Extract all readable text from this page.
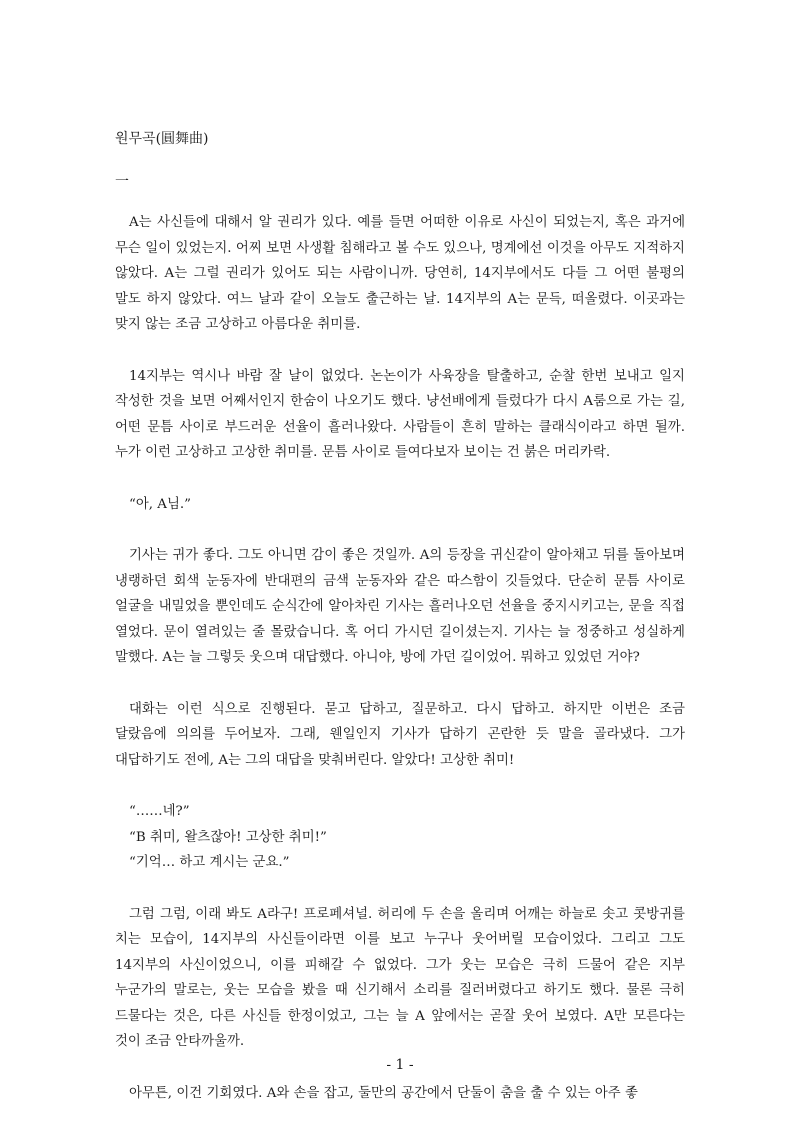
원무곡(圓舞曲)
一

A는 사신들에 대해서 알 권리가 있다. 예를 들면 어떠한 이유로 사신이 되었는지, 혹은 과거에 무슨 일이 있었는지. 어찌 보면 사생활 침해라고 볼 수도 있으나, 명계에선 이것을 아무도 지적하지 않았다. A는 그럴 권리가 있어도 되는 사람이니까. 당연히, 14지부에서도 다들 그 어떤 불평의 말도 하지 않았다. 여느 날과 같이 오늘도 출근하는 날. 14지부의 A는 문득, 떠올렸다. 이곳과는 맞지 않는 조금 고상하고 아름다운 취미를.

14지부는 역시나 바람 잘 날이 없었다. 논논이가 사육장을 탈출하고, 순찰 한번 보내고 일지 작성한 것을 보면 어째서인지 한숨이 나오기도 했다. 냥선배에게 들렀다가 다시 A룸으로 가는 길, 어떤 문틈 사이로 부드러운 선율이 흘러나왔다. 사람들이 흔히 말하는 클래식이라고 하면 될까. 누가 이런 고상하고 고상한 취미를. 문틈 사이로 들여다보자 보이는 건 붉은 머리카락.

“아, A님.”

기사는 귀가 좋다. 그도 아니면 감이 좋은 것일까. A의 등장을 귀신같이 알아채고 뒤를 돌아보며 냉랭하던 회색 눈동자에 반대편의 금색 눈동자와 같은 따스함이 깃들었다. 단순히 문틈 사이로 얼굴을 내밀었을 뿐인데도 순식간에 알아차린 기사는 흘러나오던 선율을 중지시키고는, 문을 직접 열었다. 문이 열려있는 줄 몰랐습니다. 혹 어디 가시던 길이셨는지. 기사는 늘 정중하고 성실하게 말했다. A는 늘 그렇듯 웃으며 대답했다. 아니야, 방에 가던 길이었어. 뭐하고 있었던 거야?

대화는 이런 식으로 진행된다. 묻고 답하고, 질문하고. 다시 답하고. 하지만 이번은 조금 달랐음에 의의를 두어보자. 그래, 웬일인지 기사가 답하기 곤란한 듯 말을 골라냈다. 그가 대답하기도 전에, A는 그의 대답을 맞춰버린다. 알았다! 고상한 취미!

“……네?”

“B 취미, 왈츠잖아! 고상한 취미!”

“기억… 하고 계시는 군요.”

그럼 그럼, 이래 봐도 A라구! 프로페셔널. 허리에 두 손을 올리며 어깨는 하늘로 솟고 콧방귀를 치는 모습이, 14지부의 사신들이라면 이를 보고 누구나 웃어버릴 모습이었다. 그리고 그도 14지부의 사신이었으니, 이를 피해갈 수 없었다. 그가 웃는 모습은 극히 드물어 같은 지부 누군가의 말로는, 웃는 모습을 봤을 때 신기해서 소리를 질러버렸다고 하기도 했다. 물론 극히 드물다는 것은, 다른 사신들 한정이었고, 그는 늘 A 앞에서는 곧잘 웃어 보였다. A만 모른다는 것이 조금 안타까울까.

아무튼, 이건 기회였다. A와 손을 잡고, 둘만의 공간에서 단둘이 춤을 출 수 있는 아주 좋

- 1 -
